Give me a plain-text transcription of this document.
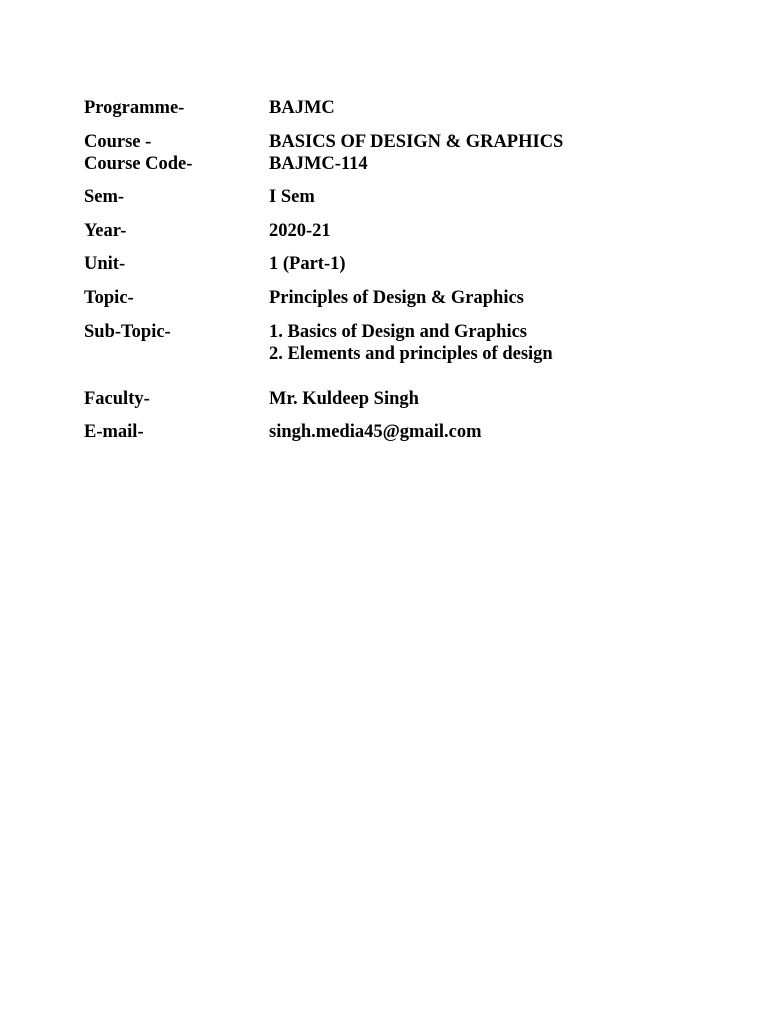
Programme-	BAJMC
Course -	BASICS OF DESIGN & GRAPHICS
Course Code-	BAJMC-114
Sem-	I Sem
Year-	2020-21
Unit-	1 (Part-1)
Topic-	Principles of Design & Graphics
Sub-Topic-	1. Basics of Design and Graphics
2. Elements and principles of design
Faculty-	Mr. Kuldeep Singh
E-mail-	singh.media45@gmail.com
